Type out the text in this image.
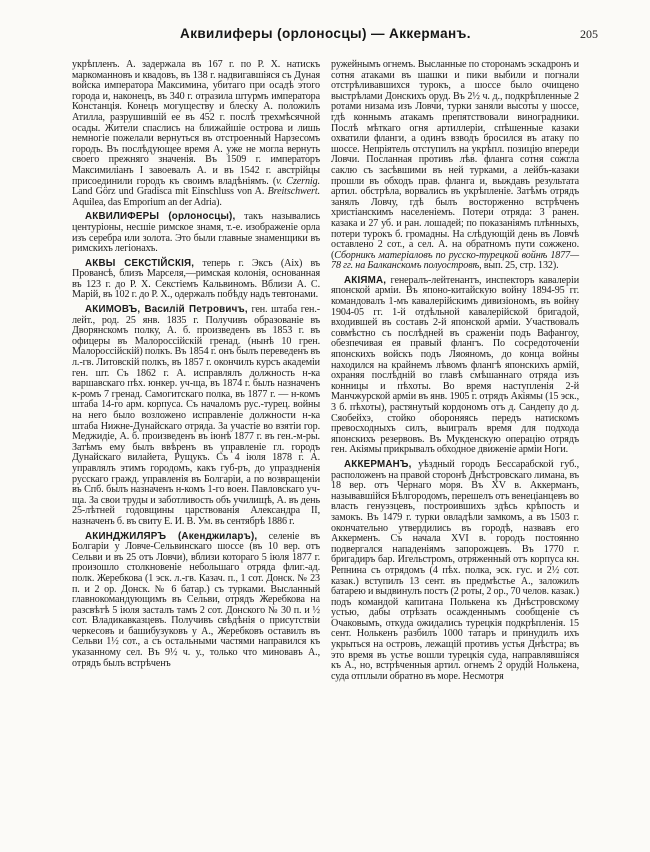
Аквилиферы (орлоносцы) — Аккерманъ.	205

укрѣпленъ. А. задержала въ 167 г. по Р. Х. натискъ маркоманновъ и квадовъ, въ 138 г. надвигавшіяся съ Дуная войска императора Максимина, убитаго при осадѣ этого города и, наконецъ, въ 340 г. отразила штурмъ императора Констанція. Конецъ могуществу и блеску А. положилъ Атилла, разрушившій ее въ 452 г. послѣ трехмѣсячной осады. Жители спаслись на ближайшіе острова и лишь немногіе пожелали вернуться въ отстроенный Нарзесомъ городъ. Въ послѣдующее время А. уже не могла вернуть своего прежняго значенія. Въ 1509 г. императоръ Максимиліанъ I завоевалъ А. и въ 1542 г. австрійцы присоединили городъ къ своимъ владѣніямъ. (v. Czernig. Land Görz und Gradisca mit Einschluss von A. Breitschwert. Aquilea, das Emporium an der Adria).

АКВИЛИФЕРЫ (орлоносцы), такъ назывались центуріоны, несшіе римское знамя, т.-е. изображеніе орла изъ серебра или золота. Это были главные знаменщики въ римскихъ легіонахъ.

АКВЫ СЕКСТІЙСКІЯ, теперь г. Эксъ (Aix) въ Провансѣ, близъ Марселя,—римская колонія, основанная въ 123 г. до Р. Х. Секстіемъ Кальвиномъ. Вблизи А. С. Марій, въ 102 г. до Р. Х., одержалъ побѣду надъ тевтонами.

АКИМОВЪ, Василій Петровичъ, ген. штаба ген.-лейт., род. 25 янв. 1835 г. Получивъ образованіе въ Дворянскомъ полку, А. б. произведенъ въ 1853 г. въ офицеры въ Малороссійскій гренад. (нынѣ 10 грен. Малороссійскій) полкъ. Въ 1854 г. онъ былъ переведенъ въ л.-гв. Литовскій полкъ, въ 1857 г. окончилъ курсъ академіи ген. шт. Съ 1862 г. А. исправлялъ должность н-ка варшавскаго пѣх. юнкер. уч-ща, въ 1874 г. былъ назначенъ к-ромъ 7 гренад. Самогитскаго полка, въ 1877 г. — н-комъ штаба 14-го арм. корпуса. Съ началомъ рус.-турец. войны на него было возложено исправленіе должности н-ка штаба Нижне-Дунайскаго отряда. За участіе во взятіи гор. Меджидіе, А. б. произведенъ въ іюнѣ 1877 г. въ ген.-м-ры. Затѣмъ ему былъ ввѣренъ въ управленіе гл. городъ Дунайскаго вилайета, Рущукъ. Съ 4 іюля 1878 г. А. управлялъ этимъ городомъ, какъ губ-ръ, до упраздненія русскаго гражд. управленія въ Болгаріи, а по возвращеніи въ Спб. былъ назначенъ н-комъ 1-го воен. Павловскаго уч-ща. За свои труды и заботливость объ училищѣ, А. въ день 25-лѣтней годовщины царствованія Александра II, назначенъ б. въ свиту Е. И. В. Ум. въ сентябрѣ 1886 г.

АКИНДЖИЛЯРЪ (Акенджиларъ), селеніе въ Болгаріи у Ловче-Сельвинскаго шоссе (въ 10 вер. отъ Сельви и въ 25 отъ Ловчи), вблизи котораго 5 іюля 1877 г. произошло столкновеніе небольшаго отряда флиг.-ад. полк. Жеребкова (1 эск. л.-гв. Казач. п., 1 сот. Донск. № 23 п. и 2 ор. Донск. № 6 батар.) съ турками. Высланный главнокомандующимъ въ Сельви, отрядъ Жеребкова на разсвѣтѣ 5 іюля засталъ тамъ 2 сот. Донского № 30 п. и ½ сот. Владикавказцевъ. Получивъ свѣдѣнія о присутствіи черкесовъ и башибузуковъ у А., Жеребковъ оставилъ въ Сельви 1½ сот., а съ остальными частями направился къ указанному сел. Въ 9½ ч. у., только что миновавъ А., отрядъ былъ встрѣченъ

ружейнымъ огнемъ. Высланные по сторонамъ эскадронъ и сотня атаками въ шашки и пики выбили и погнали отстрѣливавшихся турокъ, а шоссе было очищено выстрѣлами Донскихъ оруд. Въ 2½ ч. д., подкрѣпленные 2 ротами низама изъ Ловчи, турки заняли высоты у шоссе, гдѣ коннымъ атакамъ препятствовали виноградники. Послѣ мѣткаго огня артиллеріи, спѣшенные казаки охватили фланги, а одинъ взводъ бросился въ атаку по шоссе. Непріятель отступилъ на укрѣпл. позицію впереди Ловчи. Посланная противъ лѣв. фланга сотня сожгла саклю съ засѣвшими въ ней турками, а лейбъ-казаки прошли въ обходъ прав. фланга и, выждавъ результата артил. обстрѣла, ворвались въ укрѣпленіе. Затѣмъ отрядъ занялъ Ловчу, гдѣ былъ восторженно встрѣченъ христіанскимъ населеніемъ. Потери отряда: 3 ранен. казака и 27 уб. и ран. лошадей; по показаніямъ плѣнныхъ, потери турокъ б. громадны. На слѣдующій день въ Ловчѣ оставлено 2 сот., а сел. А. на обратномъ пути сожжено. (Сборникъ матеріаловъ по русско-турецкой войнѣ 1877—78 гг. на Балканскомъ полуостровѣ, вып. 25, стр. 132).

АКІЯМА, генералъ-лейтенантъ, инспекторъ кавалеріи японской арміи. Въ японо-китайскую войну 1894-95 гг. командовалъ 1-мъ кавалерійскимъ дивизіономъ, въ войну 1904-05 гг. 1-й отдѣльной кавалерійской бригадой, входившей въ составъ 2-й японской арміи. Участвовалъ совмѣстно съ послѣдней въ сраженіи подъ Вафангоу, обезпечивая ея правый флангъ. По сосредоточеніи японскихъ войскъ подъ Ляояномъ, до конца войны находился на крайнемъ лѣвомъ флангѣ японскихъ армій, охраняя послѣдній во главѣ смѣшаннаго отряда изъ конницы и пѣхоты. Во время наступленія 2-й Манчжурской арміи въ янв. 1905 г. отрядъ Акіямы (15 эск., 3 б. пѣхоты), растянутый кордономъ отъ д. Сандепу до д. Сяобейхэ, стойко обороняясь передъ натискомъ превосходныхъ силъ, выигралъ время для подхода японскихъ резервовъ. Въ Мукденскую операцію отрядъ ген. Акіямы прикрывалъ обходное движеніе арміи Ноги.

АККЕРМАНЪ, уѣздный городъ Бессарабской губ., расположенъ на правой сторонѣ Днѣстровскаго лимана, въ 18 вер. отъ Чернаго моря. Въ XV в. Аккерманъ, называвшійся Бѣлгородомъ, перешелъ отъ венеціанцевъ во власть генуэзцевъ, построившихъ здѣсь крѣпость и замокъ. Въ 1479 г. турки овладѣли замкомъ, а въ 1503 г. окончательно утвердились въ городѣ, назвавъ его Аккерменъ. Съ начала XVI в. городъ постоянно подвергался нападеніямъ запорожцевъ. Въ 1770 г. бригадиръ бар. Игельстромъ, отряженный отъ корпуса кн. Репнина съ отрядомъ (4 пѣх. полка, эск. гус. и 2½ сот. казак.) вступилъ 13 сент. въ предмѣстье А., заложилъ батарею и выдвинулъ постъ (2 роты, 2 ор., 70 челов. казак.) подъ командой капитана Полькена къ Днѣстровскому устью, дабы отрѣзать осажденнымъ сообщеніе съ Очаковымъ, откуда ожидались турецкія подкрѣпленія. 15 сент. Нолькенъ разбилъ 1000 татаръ и принудилъ ихъ укрыться на островъ, лежащій противъ устья Днѣстра; въ это время въ устье вошли турецкія суда, направлявшіяся къ А., но, встрѣченныя артил. огнемъ 2 орудій Нолькена, суда отплыли обратно въ море. Несмотря
